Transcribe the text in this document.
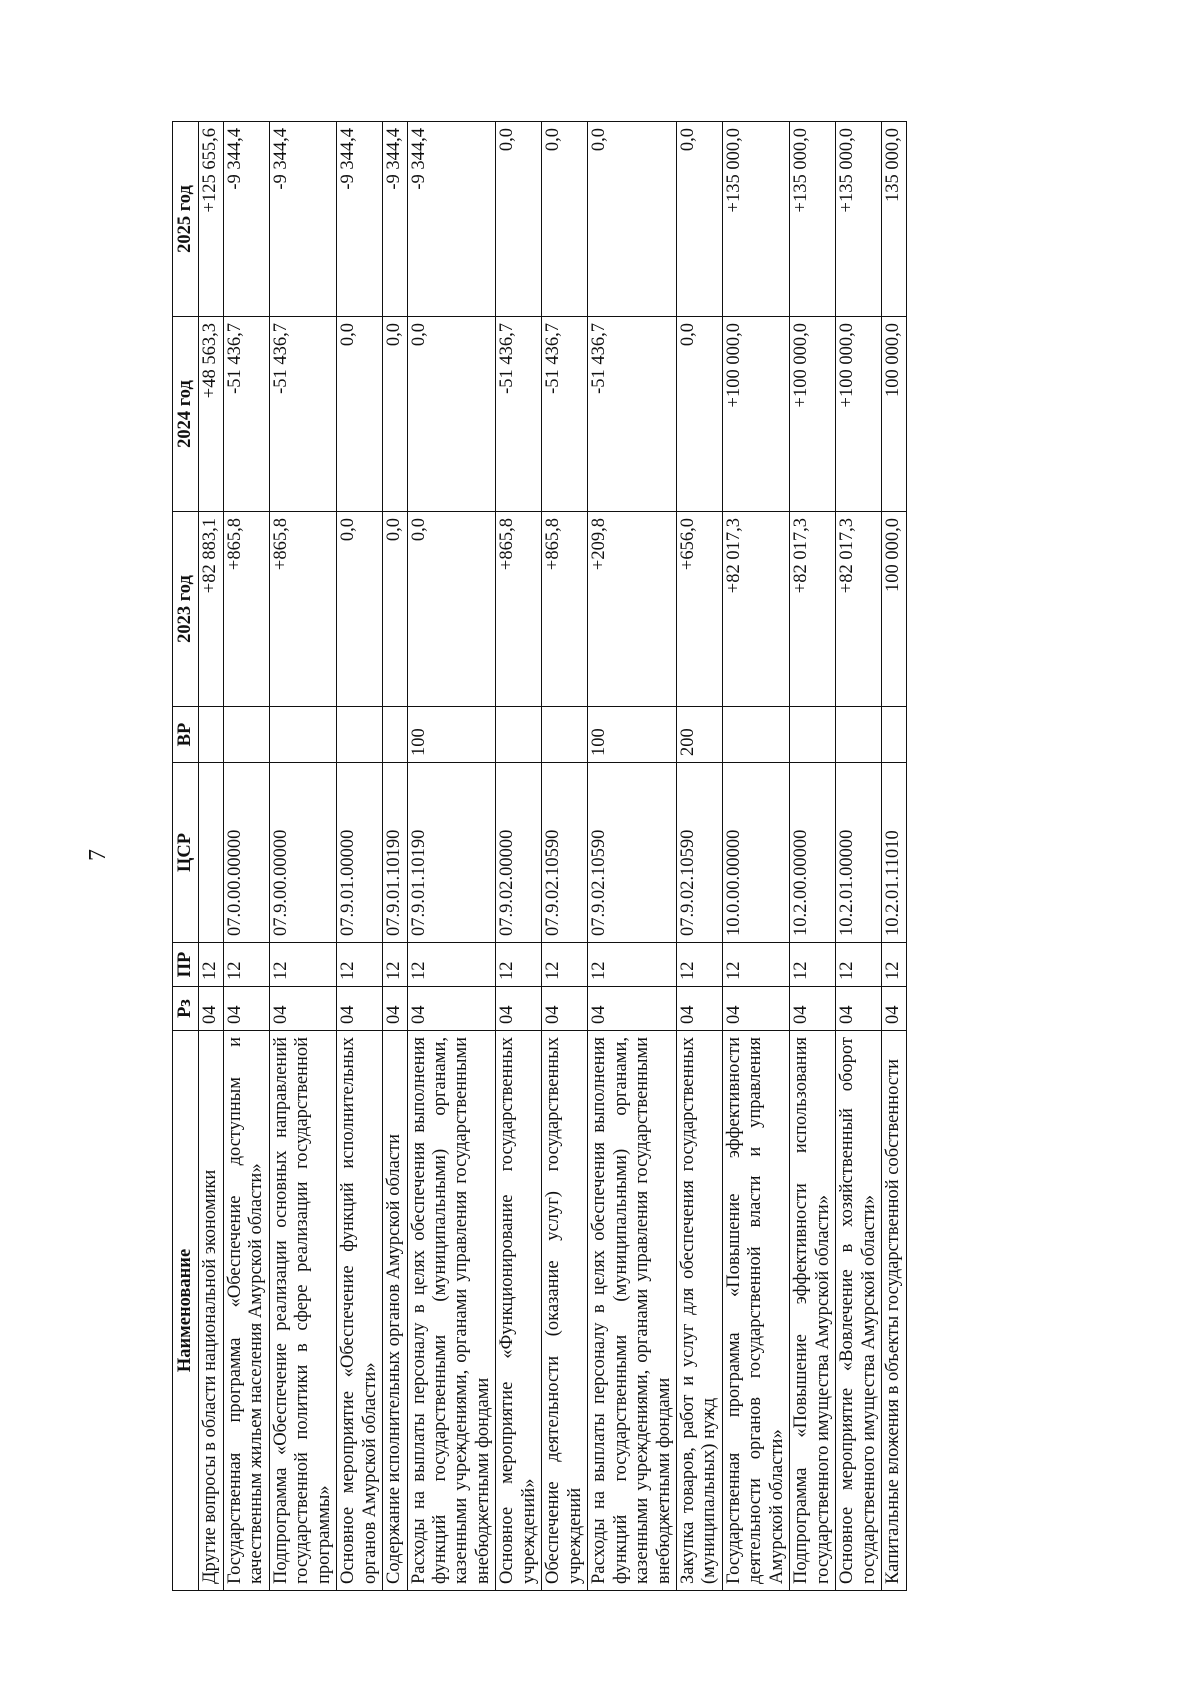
7
Наименование	Рз	ПР	ЦСР	ВР	2023 год	2024 год	2025 год
Другие вопросы в области национальной экономики	04	12			+82 883,1	+48 563,3	+125 655,6
Государственная программа «Обеспечение доступным и качественным жильем населения Амурской области»	04	12	07.0.00.00000		+865,8	-51 436,7	-9 344,4
Подпрограмма «Обеспечение реализации основных направлений государственной политики в сфере реализации государственной программы»	04	12	07.9.00.00000		+865,8	-51 436,7	-9 344,4
Основное мероприятие «Обеспечение функций исполнительных органов Амурской области»	04	12	07.9.01.00000		0,0	0,0	-9 344,4
Содержание исполнительных органов Амурской области	04	12	07.9.01.10190		0,0	0,0	-9 344,4
Расходы на выплаты персоналу в целях обеспечения выполнения функций государственными (муниципальными) органами, казенными учреждениями, органами управления государственными внебюджетными фондами	04	12	07.9.01.10190	100	0,0	0,0	-9 344,4
Основное мероприятие «Функционирование государственных учреждений»	04	12	07.9.02.00000		+865,8	-51 436,7	0,0
Обеспечение деятельности (оказание услуг) государственных учреждений	04	12	07.9.02.10590		+865,8	-51 436,7	0,0
Расходы на выплаты персоналу в целях обеспечения выполнения функций государственными (муниципальными) органами, казенными учреждениями, органами управления государственными внебюджетными фондами	04	12	07.9.02.10590	100	+209,8	-51 436,7	0,0
Закупка товаров, работ и услуг для обеспечения государственных (муниципальных) нужд	04	12	07.9.02.10590	200	+656,0	0,0	0,0
Государственная программа «Повышение эффективности деятельности органов государственной власти и управления Амурской области»	04	12	10.0.00.00000		+82 017,3	+100 000,0	+135 000,0
Подпрограмма «Повышение эффективности использования государственного имущества Амурской области»	04	12	10.2.00.00000		+82 017,3	+100 000,0	+135 000,0
Основное мероприятие «Вовлечение в хозяйственный оборот государственного имущества Амурской области»	04	12	10.2.01.00000		+82 017,3	+100 000,0	+135 000,0
Капитальные вложения в объекты государственной собственности	04	12	10.2.01.11010		100 000,0	100 000,0	135 000,0
